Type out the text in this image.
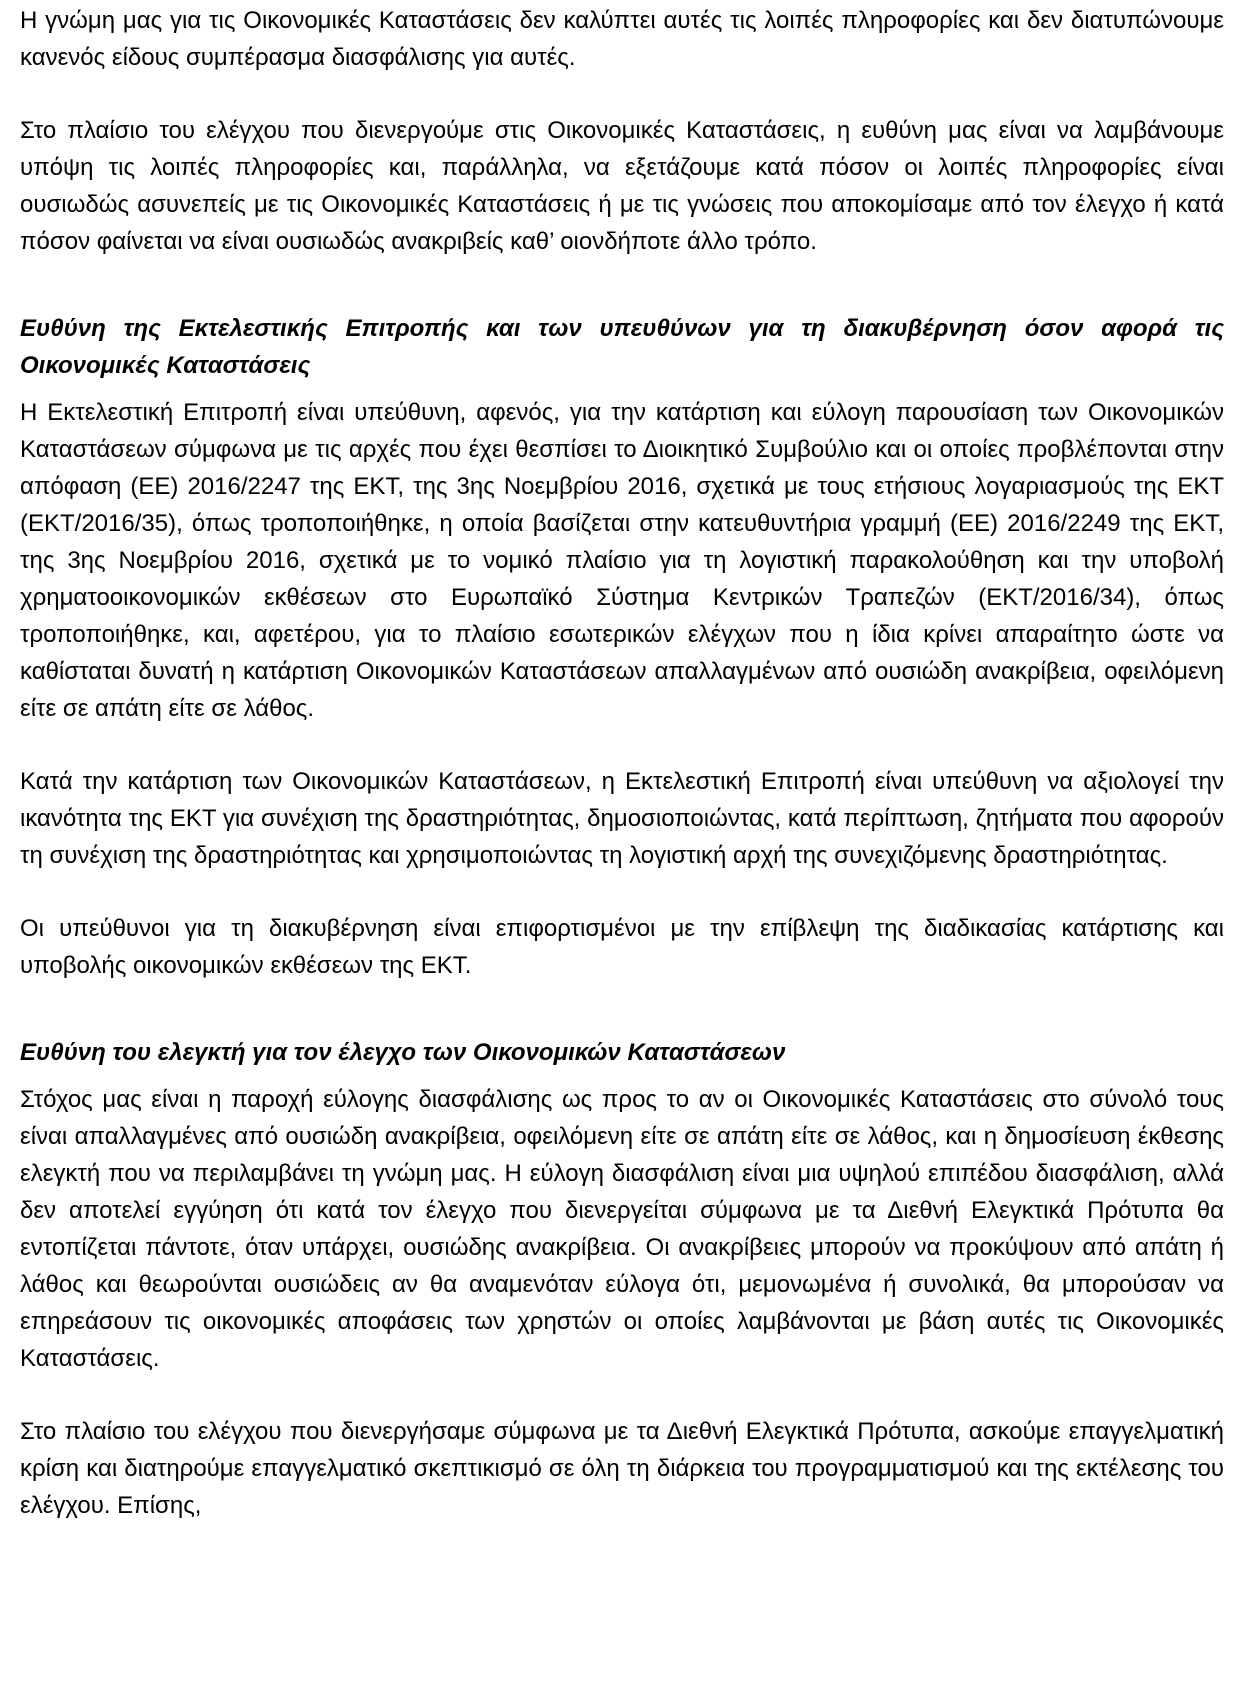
Η γνώμη μας για τις Οικονομικές Καταστάσεις δεν καλύπτει αυτές τις λοιπές πληροφορίες και δεν διατυπώνουμε κανενός είδους συμπέρασμα διασφάλισης για αυτές.

Στο πλαίσιο του ελέγχου που διενεργούμε στις Οικονομικές Καταστάσεις, η ευθύνη μας είναι να λαμβάνουμε υπόψη τις λοιπές πληροφορίες και, παράλληλα, να εξετάζουμε κατά πόσον οι λοιπές πληροφορίες είναι ουσιωδώς ασυνεπείς με τις Οικονομικές Καταστάσεις ή με τις γνώσεις που αποκομίσαμε από τον έλεγχο ή κατά πόσον φαίνεται να είναι ουσιωδώς ανακριβείς καθ’ οιονδήποτε άλλο τρόπο.

Ευθύνη της Εκτελεστικής Επιτροπής και των υπευθύνων για τη διακυβέρνηση όσον αφορά τις Οικονομικές Καταστάσεις

Η Εκτελεστική Επιτροπή είναι υπεύθυνη, αφενός, για την κατάρτιση και εύλογη παρουσίαση των Οικονομικών Καταστάσεων σύμφωνα με τις αρχές που έχει θεσπίσει το Διοικητικό Συμβούλιο και οι οποίες προβλέπονται στην απόφαση (ΕΕ) 2016/2247 της ΕΚΤ, της 3ης Νοεμβρίου 2016, σχετικά με τους ετήσιους λογαριασμούς της ΕΚΤ (ΕΚΤ/2016/35), όπως τροποποιήθηκε, η οποία βασίζεται στην κατευθυντήρια γραμμή (ΕΕ) 2016/2249 της ΕΚΤ, της 3ης Νοεμβρίου 2016, σχετικά με το νομικό πλαίσιο για τη λογιστική παρακολούθηση και την υποβολή χρηματοοικονομικών εκθέσεων στο Ευρωπαϊκό Σύστημα Κεντρικών Τραπεζών (ΕΚΤ/2016/34), όπως τροποποιήθηκε, και, αφετέρου, για το πλαίσιο εσωτερικών ελέγχων που η ίδια κρίνει απαραίτητο ώστε να καθίσταται δυνατή η κατάρτιση Οικονομικών Καταστάσεων απαλλαγμένων από ουσιώδη ανακρίβεια, οφειλόμενη είτε σε απάτη είτε σε λάθος.

Κατά την κατάρτιση των Οικονομικών Καταστάσεων, η Εκτελεστική Επιτροπή είναι υπεύθυνη να αξιολογεί την ικανότητα της ΕΚΤ για συνέχιση της δραστηριότητας, δημοσιοποιώντας, κατά περίπτωση, ζητήματα που αφορούν τη συνέχιση της δραστηριότητας και χρησιμοποιώντας τη λογιστική αρχή της συνεχιζόμενης δραστηριότητας.

Οι υπεύθυνοι για τη διακυβέρνηση είναι επιφορτισμένοι με την επίβλεψη της διαδικασίας κατάρτισης και υποβολής οικονομικών εκθέσεων της ΕΚΤ.

Ευθύνη του ελεγκτή για τον έλεγχο των Οικονομικών Καταστάσεων

Στόχος μας είναι η παροχή εύλογης διασφάλισης ως προς το αν οι Οικονομικές Καταστάσεις στο σύνολό τους είναι απαλλαγμένες από ουσιώδη ανακρίβεια, οφειλόμενη είτε σε απάτη είτε σε λάθος, και η δημοσίευση έκθεσης ελεγκτή που να περιλαμβάνει τη γνώμη μας. Η εύλογη διασφάλιση είναι μια υψηλού επιπέδου διασφάλιση, αλλά δεν αποτελεί εγγύηση ότι κατά τον έλεγχο που διενεργείται σύμφωνα με τα Διεθνή Ελεγκτικά Πρότυπα θα εντοπίζεται πάντοτε, όταν υπάρχει, ουσιώδης ανακρίβεια. Οι ανακρίβειες μπορούν να προκύψουν από απάτη ή λάθος και θεωρούνται ουσιώδεις αν θα αναμενόταν εύλογα ότι, μεμονωμένα ή συνολικά, θα μπορούσαν να επηρεάσουν τις οικονομικές αποφάσεις των χρηστών οι οποίες λαμβάνονται με βάση αυτές τις Οικονομικές Καταστάσεις.

Στο πλαίσιο του ελέγχου που διενεργήσαμε σύμφωνα με τα Διεθνή Ελεγκτικά Πρότυπα, ασκούμε επαγγελματική κρίση και διατηρούμε επαγγελματικό σκεπτικισμό σε όλη τη διάρκεια του προγραμματισμού και της εκτέλεσης του ελέγχου. Επίσης,
